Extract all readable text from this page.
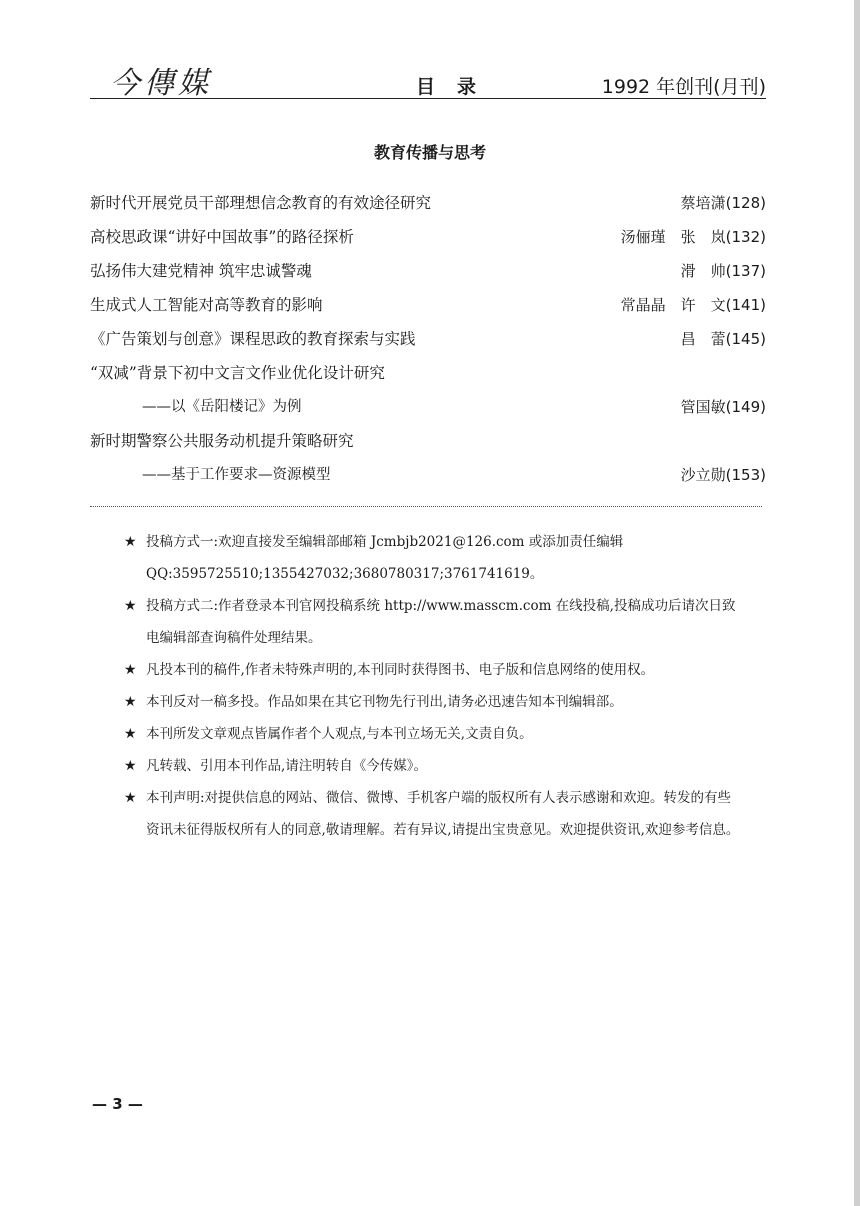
今傳媒	目录	1992 年创刊(月刊)
教育传播与思考
新时代开展党员干部理想信念教育的有效途径研究	蔡培潇(128)
高校思政课“讲好中国故事”的路径探析	汤俪瑾　张　岚(132)
弘扬伟大建党精神 筑牢忠诚警魂	滑　帅(137)
生成式人工智能对高等教育的影响	常晶晶　许　文(141)
《广告策划与创意》课程思政的教育探索与实践	昌　蕾(145)
“双减”背景下初中文言文作业优化设计研究
——以《岳阳楼记》为例	管国敏(149)
新时期警察公共服务动机提升策略研究
——基于工作要求—资源模型	沙立勋(153)
★ 投稿方式一:欢迎直接发至编辑部邮箱 Jcmbjb2021@126.com 或添加责任编辑 QQ:3595725510;1355427032;3680780317;3761741619。
★ 投稿方式二:作者登录本刊官网投稿系统 http://www.masscm.com 在线投稿,投稿成功后请次日致电编辑部查询稿件处理结果。
★ 凡投本刊的稿件,作者未特殊声明的,本刊同时获得图书、电子版和信息网络的使用权。
★ 本刊反对一稿多投。作品如果在其它刊物先行刊出,请务必迅速告知本刊编辑部。
★ 本刊所发文章观点皆属作者个人观点,与本刊立场无关,文责自负。
★ 凡转载、引用本刊作品,请注明转自《今传媒》。
★ 本刊声明:对提供信息的网站、微信、微博、手机客户端的版权所有人表示感谢和欢迎。转发的有些资讯未征得版权所有人的同意,敬请理解。若有异议,请提出宝贵意见。欢迎提供资讯,欢迎参考信息。
— 3 —
